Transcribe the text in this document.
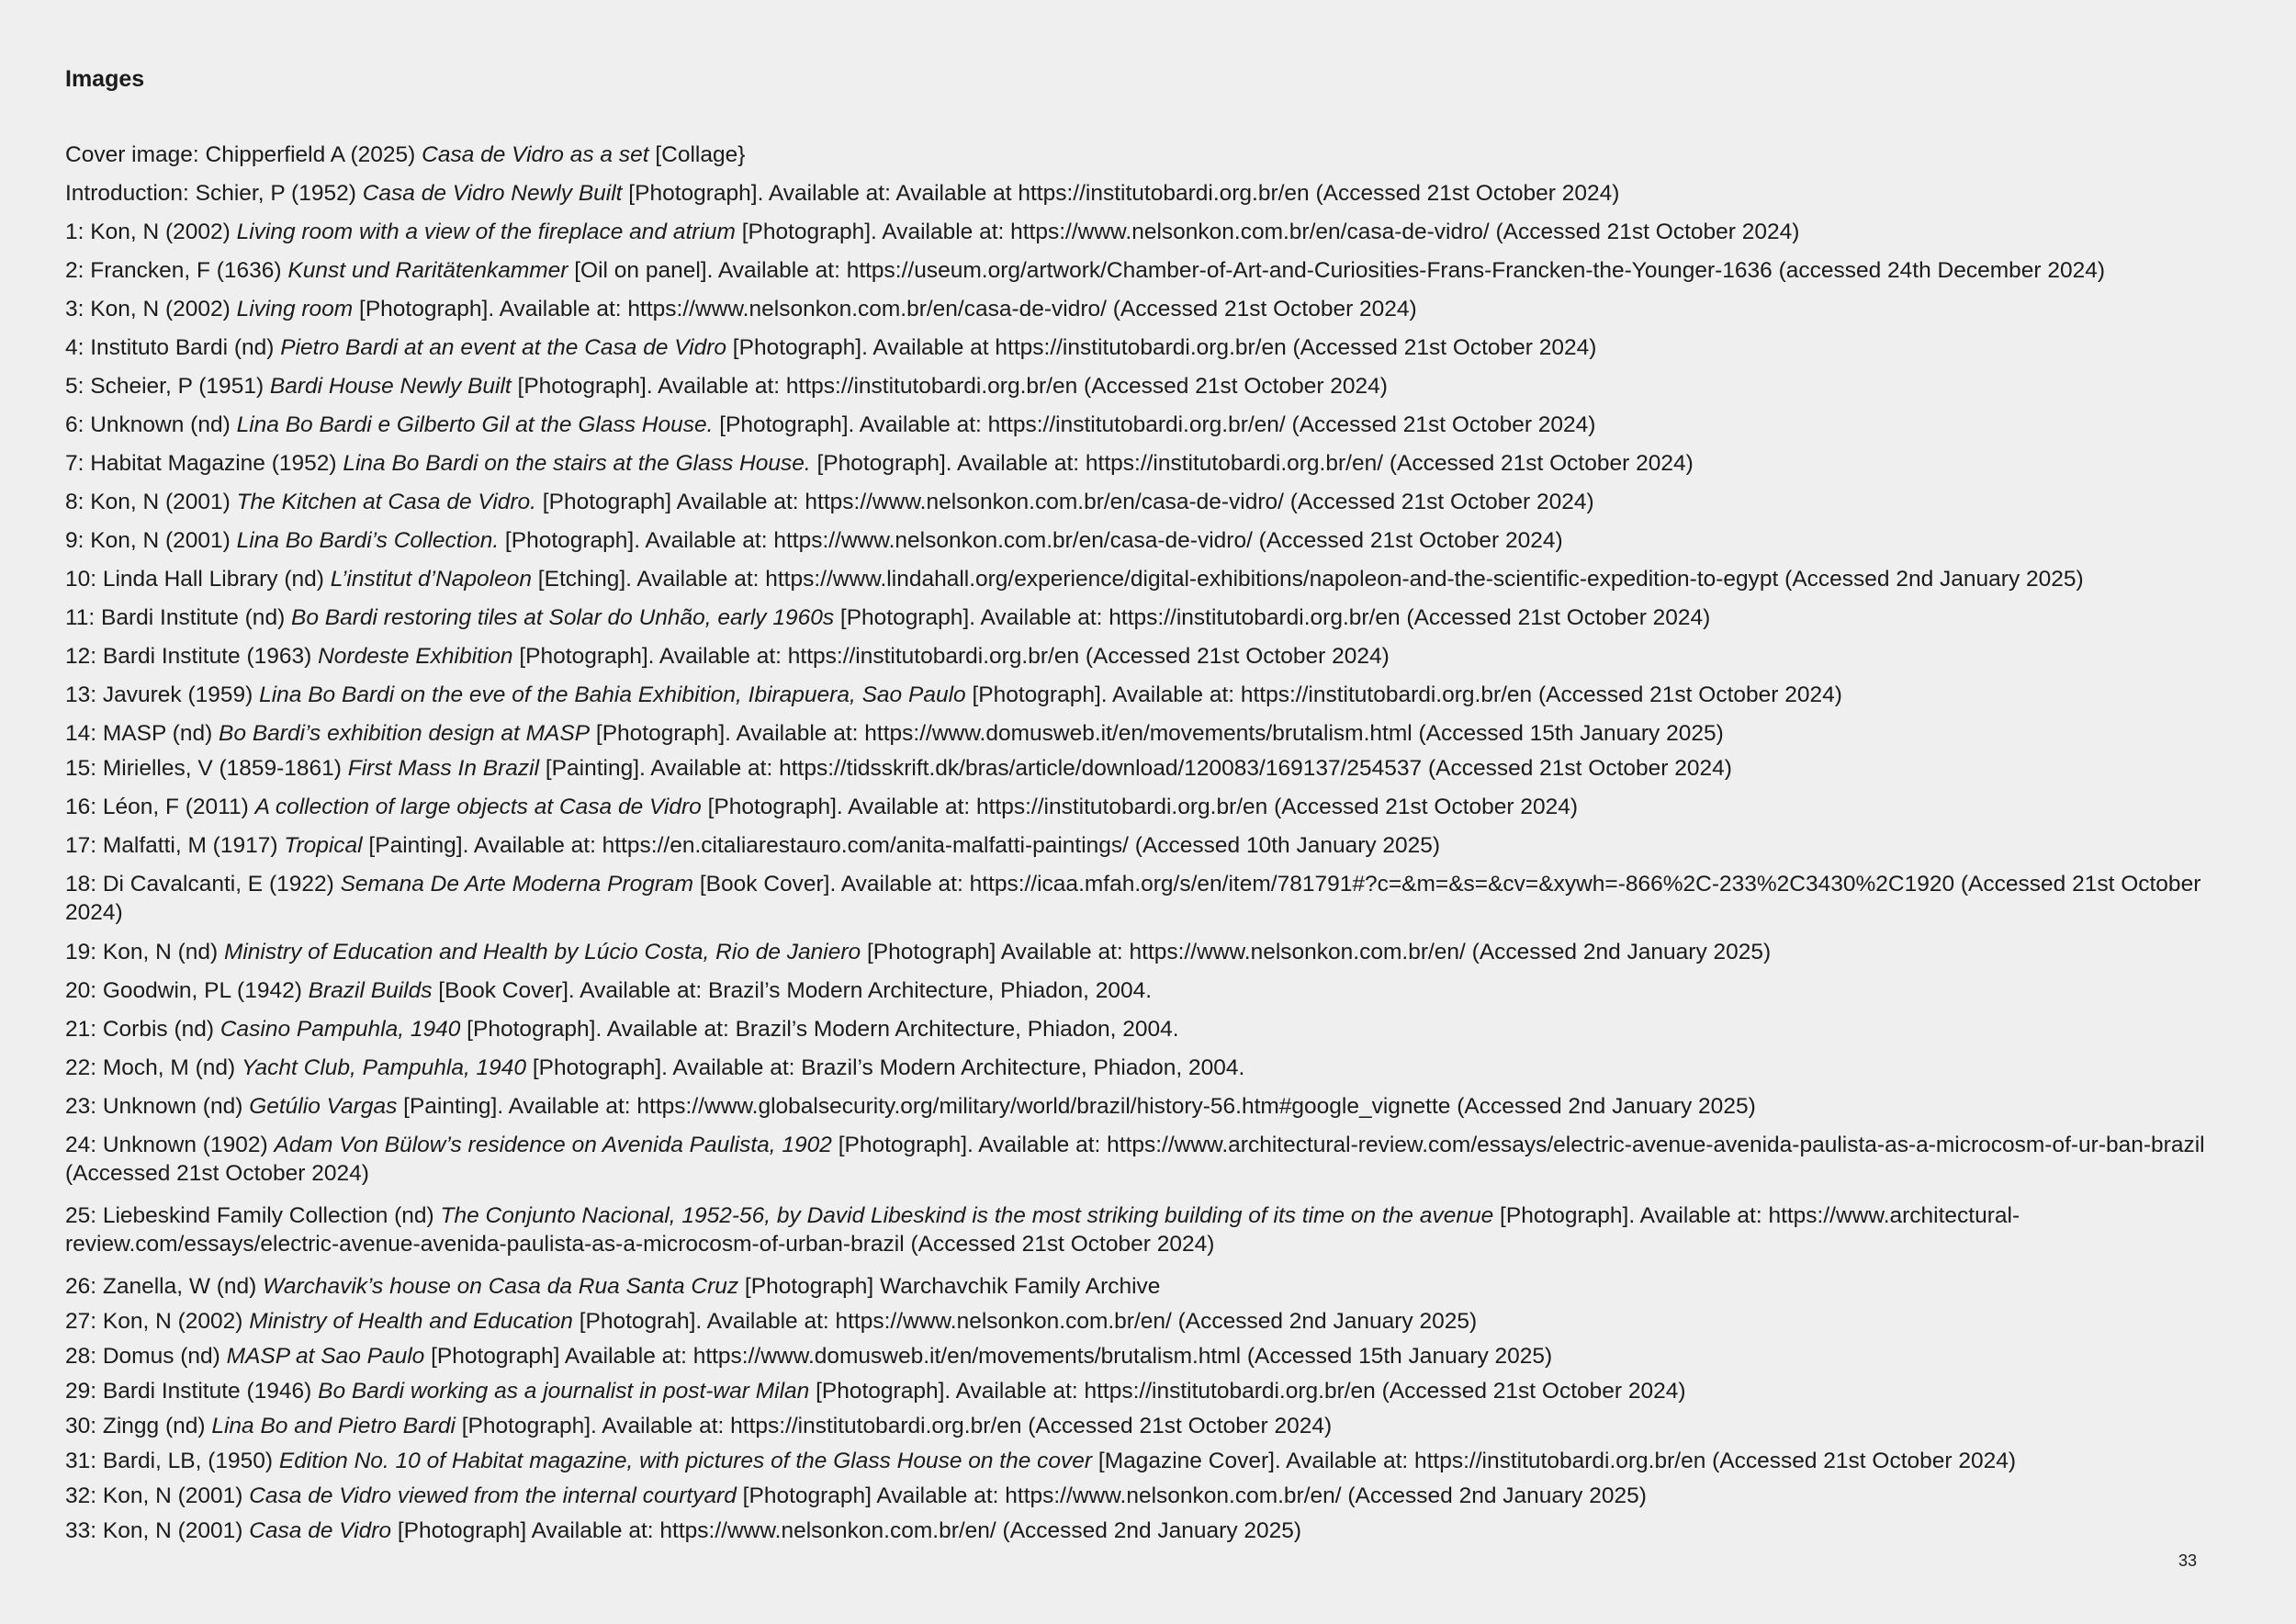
Images
Cover image: Chipperfield A (2025) Casa de Vidro as a set [Collage}
Introduction: Schier, P (1952) Casa de Vidro Newly Built [Photograph]. Available at: Available at https://institutobardi.org.br/en (Accessed 21st October 2024)
1: Kon, N (2002) Living room with a view of the fireplace and atrium [Photograph]. Available at: https://www.nelsonkon.com.br/en/casa-de-vidro/ (Accessed 21st October 2024)
2: Francken, F (1636) Kunst und Raritätenkammer [Oil on panel]. Available at: https://useum.org/artwork/Chamber-of-Art-and-Curiosities-Frans-Francken-the-Younger-1636 (accessed 24th December 2024)
3: Kon, N (2002) Living room [Photograph]. Available at: https://www.nelsonkon.com.br/en/casa-de-vidro/ (Accessed 21st October 2024)
4: Instituto Bardi (nd) Pietro Bardi at an event at the Casa de Vidro [Photograph]. Available at https://institutobardi.org.br/en (Accessed 21st October 2024)
5: Scheier, P (1951) Bardi House Newly Built [Photograph]. Available at: https://institutobardi.org.br/en (Accessed 21st October 2024)
6: Unknown (nd) Lina Bo Bardi e Gilberto Gil at the Glass House. [Photograph]. Available at: https://institutobardi.org.br/en/ (Accessed 21st October 2024)
7: Habitat Magazine (1952) Lina Bo Bardi on the stairs at the Glass House. [Photograph]. Available at: https://institutobardi.org.br/en/ (Accessed 21st October 2024)
8: Kon, N (2001) The Kitchen at Casa de Vidro. [Photograph] Available at: https://www.nelsonkon.com.br/en/casa-de-vidro/ (Accessed 21st October 2024)
9: Kon, N (2001) Lina Bo Bardi’s Collection. [Photograph]. Available at: https://www.nelsonkon.com.br/en/casa-de-vidro/ (Accessed 21st October 2024)
10: Linda Hall Library (nd) L’institut d’Napoleon [Etching]. Available at: https://www.lindahall.org/experience/digital-exhibitions/napoleon-and-the-scientific-expedition-to-egypt (Accessed 2nd January 2025)
11: Bardi Institute (nd) Bo Bardi restoring tiles at Solar do Unhão, early 1960s [Photograph]. Available at: https://institutobardi.org.br/en (Accessed 21st October 2024)
12: Bardi Institute (1963) Nordeste Exhibition [Photograph]. Available at: https://institutobardi.org.br/en (Accessed 21st October 2024)
13: Javurek (1959) Lina Bo Bardi on the eve of the Bahia Exhibition, Ibirapuera, Sao Paulo [Photograph]. Available at: https://institutobardi.org.br/en (Accessed 21st October 2024)
14: MASP (nd) Bo Bardi’s exhibition design at MASP [Photograph]. Available at: https://www.domusweb.it/en/movements/brutalism.html (Accessed 15th January 2025)
15: Mirielles, V (1859-1861) First Mass In Brazil [Painting]. Available at: https://tidsskrift.dk/bras/article/download/120083/169137/254537 (Accessed 21st October 2024)
16: Léon, F (2011) A collection of large objects at Casa de Vidro [Photograph]. Available at: https://institutobardi.org.br/en (Accessed 21st October 2024)
17: Malfatti, M (1917) Tropical [Painting]. Available at: https://en.citaliarestauro.com/anita-malfatti-paintings/ (Accessed 10th January 2025)
18: Di Cavalcanti, E (1922) Semana De Arte Moderna Program [Book Cover]. Available at: https://icaa.mfah.org/s/en/item/781791#?c=&m=&s=&cv=&xywh=-866%2C-233%2C3430%2C1920 (Accessed 21st October 2024)
19: Kon, N (nd) Ministry of Education and Health by Lúcio Costa, Rio de Janiero [Photograph] Available at: https://www.nelsonkon.com.br/en/ (Accessed 2nd January 2025)
20: Goodwin, PL (1942) Brazil Builds [Book Cover]. Available at: Brazil’s Modern Architecture, Phiadon, 2004.
21: Corbis (nd) Casino Pampuhla, 1940 [Photograph]. Available at: Brazil’s Modern Architecture, Phiadon, 2004.
22: Moch, M (nd) Yacht Club, Pampuhla, 1940 [Photograph]. Available at: Brazil’s Modern Architecture, Phiadon, 2004.
23: Unknown (nd) Getúlio Vargas [Painting]. Available at: https://www.globalsecurity.org/military/world/brazil/history-56.htm#google_vignette (Accessed 2nd January 2025)
24: Unknown (1902) Adam Von Bülow’s residence on Avenida Paulista, 1902 [Photograph]. Available at: https://www.architectural-review.com/essays/electric-avenue-avenida-paulista-as-a-microcosm-of-ur-ban-brazil (Accessed 21st October 2024)
25: Liebeskind Family Collection (nd) The Conjunto Nacional, 1952-56, by David Libeskind is the most striking building of its time on the avenue [Photograph]. Available at: https://www.architectural-review.com/essays/electric-avenue-avenida-paulista-as-a-microcosm-of-urban-brazil (Accessed 21st October 2024)
26: Zanella, W (nd) Warchavik’s house on Casa da Rua Santa Cruz [Photograph] Warchavchik Family Archive
27: Kon, N (2002) Ministry of Health and Education [Photograh]. Available at: https://www.nelsonkon.com.br/en/ (Accessed 2nd January 2025)
28: Domus (nd) MASP at Sao Paulo [Photograph] Available at: https://www.domusweb.it/en/movements/brutalism.html (Accessed 15th January 2025)
29: Bardi Institute (1946) Bo Bardi working as a journalist in post-war Milan [Photograph]. Available at: https://institutobardi.org.br/en (Accessed 21st October 2024)
30: Zingg (nd) Lina Bo and Pietro Bardi [Photograph]. Available at: https://institutobardi.org.br/en (Accessed 21st October 2024)
31: Bardi, LB, (1950) Edition No. 10 of Habitat magazine, with pictures of the Glass House on the cover [Magazine Cover]. Available at: https://institutobardi.org.br/en (Accessed 21st October 2024)
32: Kon, N (2001) Casa de Vidro viewed from the internal courtyard [Photograph] Available at: https://www.nelsonkon.com.br/en/ (Accessed 2nd January 2025)
33: Kon, N (2001) Casa de Vidro [Photograph] Available at: https://www.nelsonkon.com.br/en/ (Accessed 2nd January 2025)
33
